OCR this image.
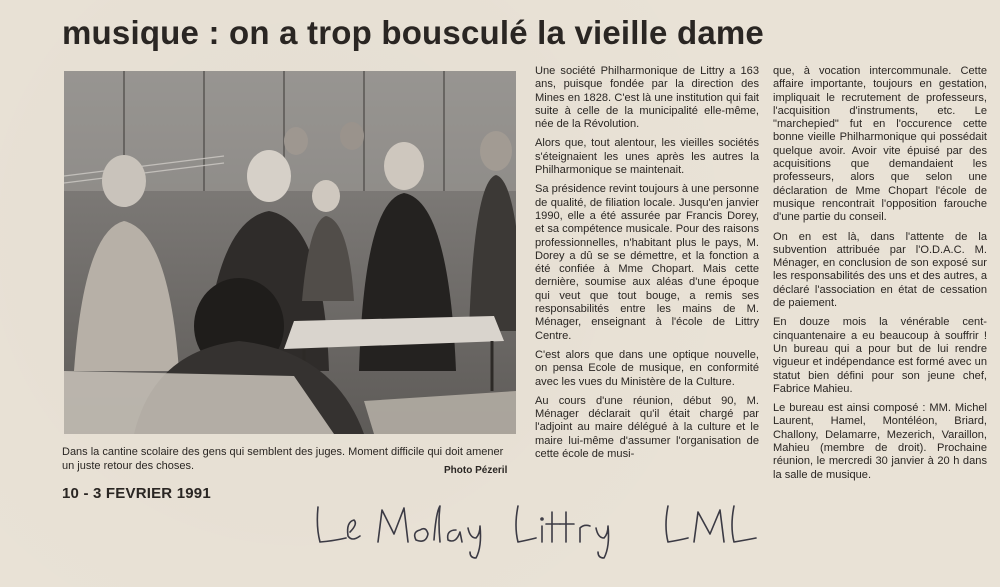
musique : on a trop bousculé la vieille dame
Dans la cantine scolaire des gens qui semblent des juges. Moment difficile qui doit amener un juste retour des choses.	Photo Pézeril
10 - 3 FEVRIER 1991

Une société Philharmonique de Littry a 163 ans, puisque fondée par la direction des Mines en 1828. C'est là une institution qui fait suite à celle de la municipalité elle-même, née de la Révolution.

Alors que, tout alentour, les vieilles sociétés s'éteignaient les unes après les autres la Philharmonique se maintenait.

Sa présidence revint toujours à une personne de qualité, de filiation locale. Jusqu'en janvier 1990, elle a été assurée par Francis Dorey, et sa compétence musicale. Pour des raisons professionnelles, n'habitant plus le pays, M. Dorey a dû se se démettre, et la fonction a été confiée à Mme Chopart. Mais cette dernière, soumise aux aléas d'une époque qui veut que tout bouge, a remis ses responsabilités entre les mains de M. Ménager, enseignant à l'école de Littry Centre.

C'est alors que dans une optique nouvelle, on pensa Ecole de musique, en conformité avec les vues du Ministère de la Culture.

Au cours d'une réunion, début 90, M. Ménager déclarait qu'il était chargé par l'adjoint au maire délégué à la culture et le maire lui-même d'assumer l'organisation de cette école de musi-

que, à vocation intercommunale. Cette affaire importante, toujours en gestation, impliquait le recrutement de professeurs, l'acquisition d'instruments, etc. Le "marchepied" fut en l'occurence cette bonne vieille Philharmonique qui possédait quelque avoir. Avoir vite épuisé par des acquisitions que demandaient les professeurs, alors que selon une déclaration de Mme Chopart l'école de musique rencontrait l'opposition farouche d'une partie du conseil.

On en est là, dans l'attente de la subvention attribuée par l'O.D.A.C. M. Ménager, en conclusion de son exposé sur les responsabilités des uns et des autres, a déclaré l'association en état de cessation de paiement.

En douze mois la vénérable cent-cinquantenaire a eu beaucoup à souffrir ! Un bureau qui a pour but de lui rendre vigueur et indépendance est formé avec un statut bien défini pour son jeune chef, Fabrice Mahieu.

Le bureau est ainsi composé : MM. Michel Laurent, Hamel, Montéléon, Briard, Challony, Delamarre, Mezerich, Varaillon, Mahieu (membre de droit). Prochaine réunion, le mercredi 30 janvier à 20 h dans la salle de musique.
